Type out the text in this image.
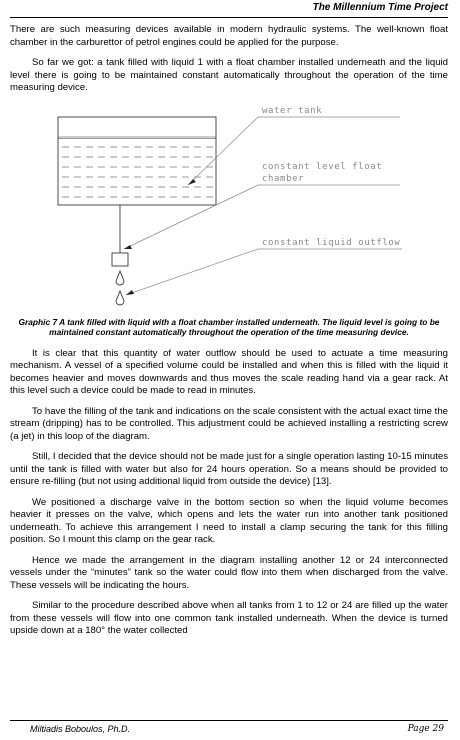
The Millennium Time Project

There are such measuring devices available in modern hydraulic systems. The well-known float chamber in the carburettor of petrol engines could be applied for the purpose.

So far we got: a tank filled with liquid 1 with a float chamber installed underneath and the liquid level there is going to be maintained constant automatically throughout the operation of the time measuring device.

water tank
constant level float
chamber
constant liquid outflow
Graphic 7 A tank filled with liquid with a float chamber installed underneath. The liquid level is going to be maintained constant automatically throughout the operation of the time measuring device.

It is clear that this quantity of water outflow should be used to actuate a time measuring mechanism. A vessel of a specified volume could be installed and when this is filled with the liquid it becomes heavier and moves downwards and thus moves the scale reading hand via a gear rack. At this level such a device could be made to read in minutes.

To have the filling of the tank and indications on the scale consistent with the actual exact time the stream (dripping) has to be controlled. This adjustment could be achieved installing a restricting screw (a jet) in this loop of the diagram.

Still, I decided that the device should not be made just for a single operation lasting 10-15 minutes until the tank is filled with water but also for 24 hours operation. So a means should be provided to ensure re-filling (but not using additional liquid from outside the device) [13].

We positioned a discharge valve in the bottom section so when the liquid volume becomes heavier it presses on the valve, which opens and lets the water run into another tank positioned underneath. To achieve this arrangement I need to install a clamp securing the tank for this filling position. So I mount this clamp on the gear rack.

Hence we made the arrangement in the diagram installing another 12 or 24 interconnected vessels under the “minutes” tank so the water could flow into them when discharged from the valve. These vessels will be indicating the hours.

Similar to the procedure described above when all tanks from 1 to 12 or 24 are filled up the water from these vessels will flow into one common tank installed underneath. When the device is turned upside down at a 180° the water collected

Miltiadis Boboulos, Ph.D.	Page 29
